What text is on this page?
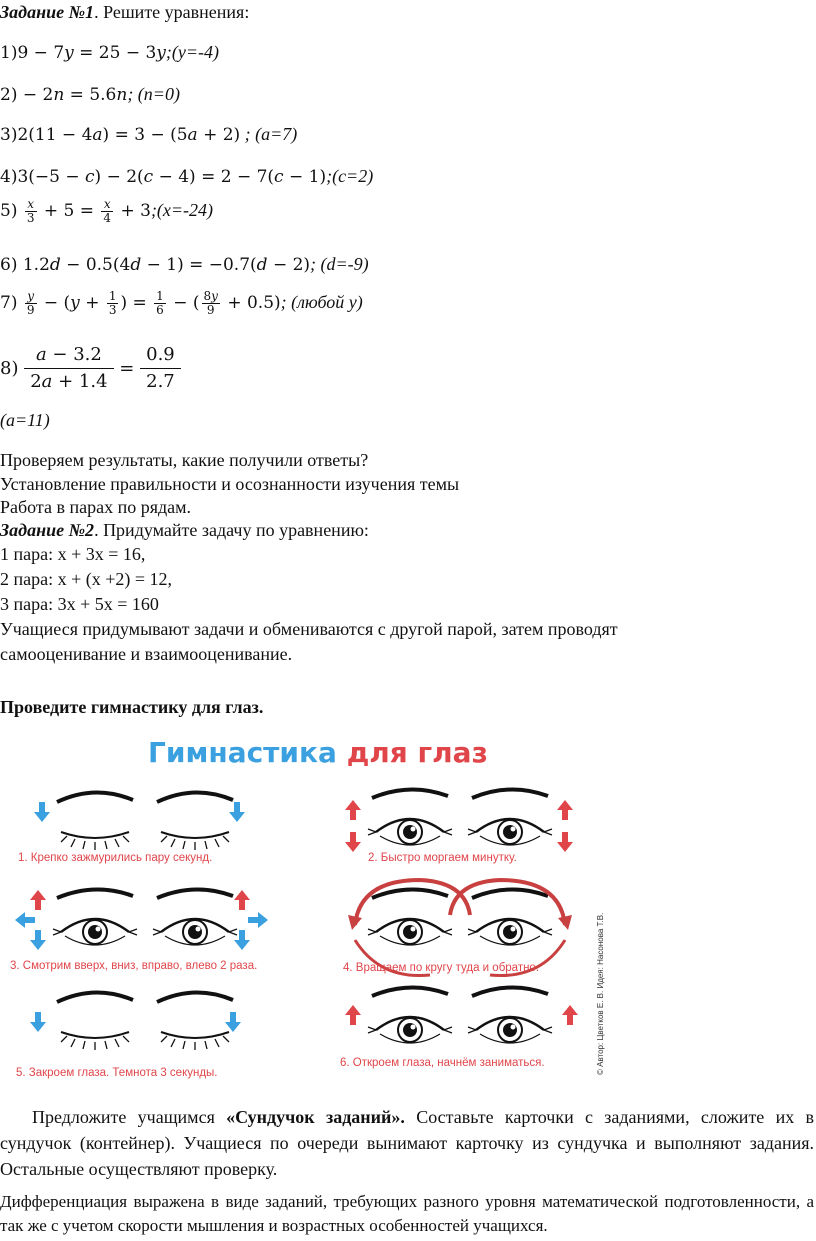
Задание №1. Решите уравнения:
1)9 − 7𝑦 = 25 − 3𝑦;(y=-4)
2) − 2𝑛 = 5.6𝑛; (n=0)
3)2(11 − 4𝑎) = 3 − (5𝑎 + 2) ; (a=7)
4)3(−5 − 𝑐) − 2(𝑐 − 4) = 2 − 7(𝑐 − 1);(c=2)
$5) \frac{\text{𝑥}}{3} + 5 = \frac{\text{𝑥}}{4}$ + 3;(x=-24)
6) 1.2𝑑 − 0.5(4𝑑 − 1) = −0.7(𝑑 − 2); (d=-9)
$7) \frac{\text{𝑦}}{9}$ − (𝑦 + $\frac{1}{3}$ ) = $\frac{1}{6}$ − ( $\frac{\text{8𝑦}}{9} + 0.5$); (любой y)
$8) \frac{\text{𝑎 − 3.2}}{\text{2𝑎 + 1.4}} = \frac{0.9}{2.7}$
(a=11)
Проверяем результаты, какие получили ответы?
Установление правильности и осознанности изучения темы
Работа в парах по рядам.
Задание №2. Придумайте задачу по уравнению:
1 пара: х + 3х = 16,
2 пара: х + (х +2) = 12,
3 пара: 3х + 5х = 160
Учащиеся придумывают задачи и обмениваются с другой парой, затем проводят
самооценивание и взаимооценивание.
Проведите гимнастику для глаз.
Гимнастика для глаз
1. Крепко зажмурились пару секунд.	2. Быстро моргаем минутку.
3. Смотрим вверх, вниз, вправо, влево 2 раза.	4. Вращаем по кругу туда и обратно.
5. Закроем глаза. Темнота 3 секунды.
6. Откроем глаза, начнём заниматься.	© Автор: Цветков Е. В. Идея: Насонова Т.В.
Предложите учащимся «Сундучок заданий». Составьте карточки с заданиями, сложите их в сундучок (контейнер). Учащиеся по очереди вынимают карточку из сундучка и выполняют задания. Остальные осуществляют проверку.
Дифференциация выражена в виде заданий, требующих разного уровня математической подготовленности, а так же с учетом скорости мышления и возрастных особенностей учащихся.
